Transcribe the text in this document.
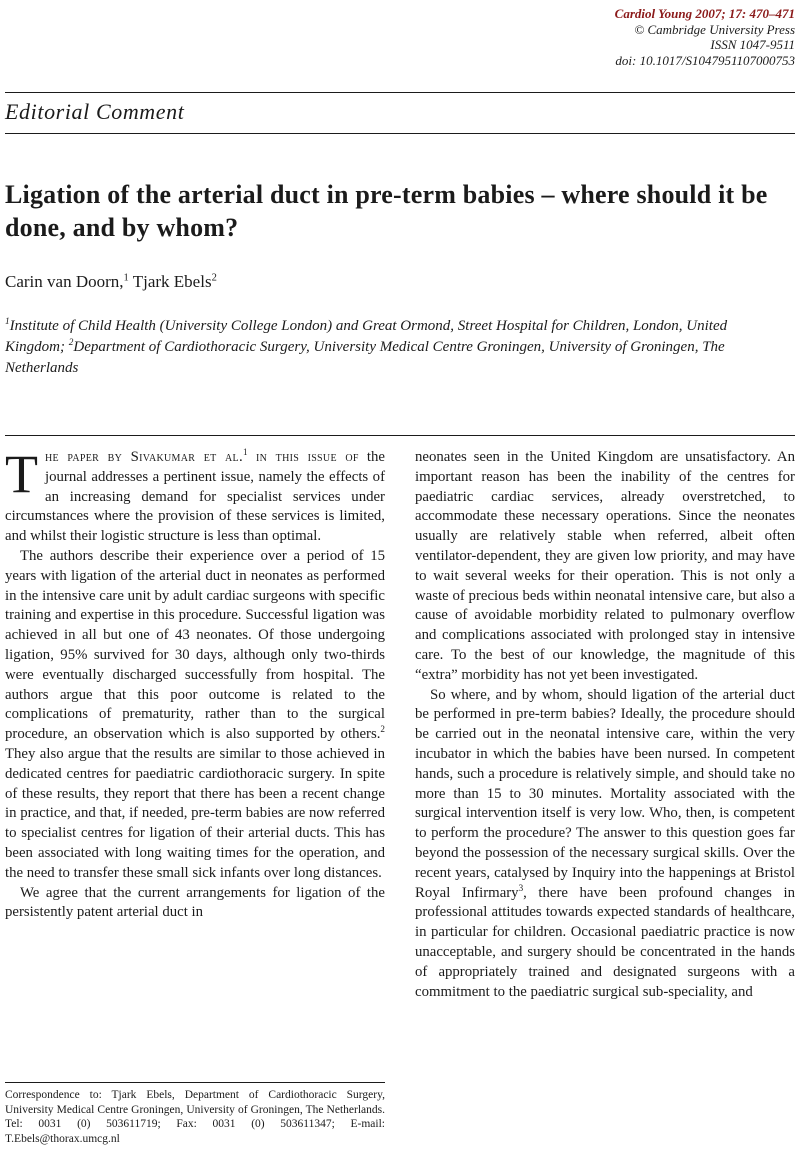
Cardiol Young 2007; 17: 470–471
© Cambridge University Press
ISSN 1047-9511
doi: 10.1017/S1047951107000753
Editorial Comment
Ligation of the arterial duct in pre-term babies – where should it be done, and by whom?
Carin van Doorn,$^1$ Tjark Ebels$^2$
$^1$Institute of Child Health (University College London) and Great Ormond, Street Hospital for Children, London, United Kingdom; $^2$Department of Cardiothoracic Surgery, University Medical Centre Groningen, University of Groningen, The Netherlands

The paper by Sivakumar et al.$^1$ in this issue of the journal addresses a pertinent issue, namely the effects of an increasing demand for specialist services under circumstances where the provision of these services is limited, and whilst their logistic structure is less than optimal.

The authors describe their experience over a period of 15 years with ligation of the arterial duct in neonates as performed in the intensive care unit by adult cardiac surgeons with specific training and expertise in this procedure. Successful ligation was achieved in all but one of 43 neonates. Of those undergoing ligation, 95% survived for 30 days, although only two-thirds were eventually discharged successfully from hospital. The authors argue that this poor outcome is related to the complications of prematurity, rather than to the surgical procedure, an observation which is also supported by others.$^2$ They also argue that the results are similar to those achieved in dedicated centres for paediatric cardiothoracic surgery. In spite of these results, they report that there has been a recent change in practice, and that, if needed, pre-term babies are now referred to specialist centres for ligation of their arterial ducts. This has been associated with long waiting times for the operation, and the need to transfer these small sick infants over long distances.

We agree that the current arrangements for ligation of the persistently patent arterial duct in

Correspondence to: Tjark Ebels, Department of Cardiothoracic Surgery, University Medical Centre Groningen, University of Groningen, The Netherlands. Tel: 0031 (0) 503611719; Fax: 0031 (0) 503611347; E-mail: T.Ebels@thorax.umcg.nl

neonates seen in the United Kingdom are unsatisfactory. An important reason has been the inability of the centres for paediatric cardiac services, already overstretched, to accommodate these necessary operations. Since the neonates usually are relatively stable when referred, albeit often ventilator-dependent, they are given low priority, and may have to wait several weeks for their operation. This is not only a waste of precious beds within neonatal intensive care, but also a cause of avoidable morbidity related to pulmonary overflow and complications associated with prolonged stay in intensive care. To the best of our knowledge, the magnitude of this “extra” morbidity has not yet been investigated.

So where, and by whom, should ligation of the arterial duct be performed in pre-term babies? Ideally, the procedure should be carried out in the neonatal intensive care, within the very incubator in which the babies have been nursed. In competent hands, such a procedure is relatively simple, and should take no more than 15 to 30 minutes. Mortality associated with the surgical intervention itself is very low. Who, then, is competent to perform the procedure? The answer to this question goes far beyond the possession of the necessary surgical skills. Over the recent years, catalysed by Inquiry into the happenings at Bristol Royal Infirmary$^3$, there have been profound changes in professional attitudes towards expected standards of healthcare, in particular for children. Occasional paediatric practice is now unacceptable, and surgery should be concentrated in the hands of appropriately trained and designated surgeons with a commitment to the paediatric surgical sub-speciality, and
